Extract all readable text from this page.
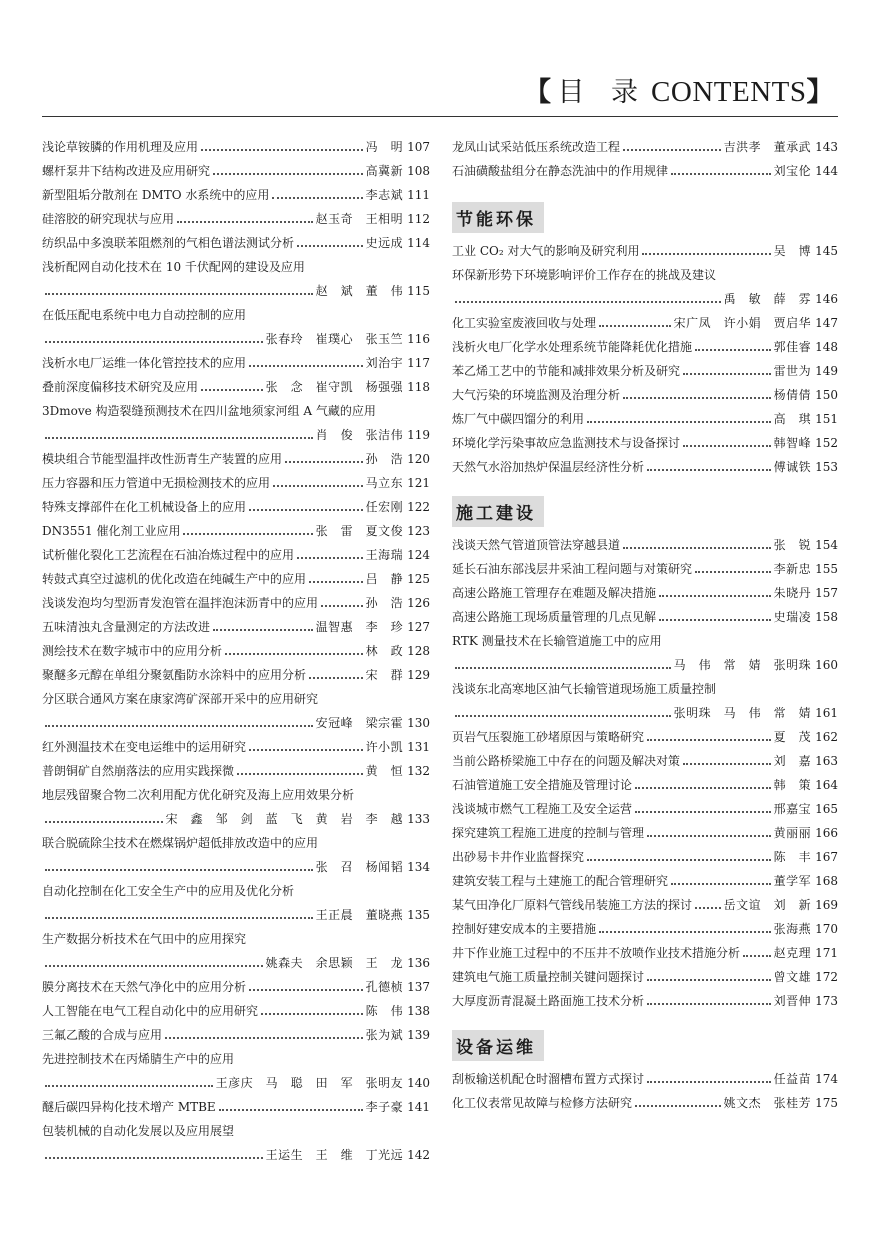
【 目 录 CONTENTS】
浅论草铵膦的作用机理及应用	冯　明 107
螺杆泵井下结构改进及应用研究	高冀新 108
新型阻垢分散剂在 DMTO 水系统中的应用	李志斌 111
硅溶胶的研究现状与应用	赵玉奇　王相明 112
纺织品中多溴联苯阻燃剂的气相色谱法测试分析	史远成 114
浅析配网自动化技术在 10 千伏配网的建设及应用
赵　斌　董　伟 115
在低压配电系统中电力自动控制的应用
张春玲　崔璞心　张玉竺 116
浅析水电厂运维一体化管控技术的应用	刘治宇 117
叠前深度偏移技术研究及应用	张　念　崔守凯　杨强强 118
3Dmove 构造裂缝预测技术在四川盆地须家河组 A 气藏的应用
肖　俊　张洁伟 119
模块组合节能型温拌改性沥青生产装置的应用	孙　浩 120
压力容器和压力管道中无损检测技术的应用	马立东 121
特殊支撑部件在化工机械设备上的应用	任宏刚 122
DN3551 催化剂工业应用	张　雷　夏文俊 123
试析催化裂化工艺流程在石油冶炼过程中的应用	王海瑞 124
转鼓式真空过滤机的优化改造在纯碱生产中的应用	吕　静 125
浅谈发泡均匀型沥青发泡管在温拌泡沫沥青中的应用	孙　浩 126
五味清浊丸含量测定的方法改进	温智惠　李　珍 127
测绘技术在数字城市中的应用分析	林　政 128
聚醚多元醇在单组分聚氨酯防水涂料中的应用分析	宋　群 129
分区联合通风方案在康家湾矿深部开采中的应用研究
安冠峰　梁宗霍 130
红外测温技术在变电运维中的运用研究	许小凯 131
普朗铜矿自然崩落法的应用实践探微	黄　恒 132
地层残留聚合物二次利用配方优化研究及海上应用效果分析
宋　鑫　邹　剑　蓝　飞　黄　岩　李　越 133
联合脱硫除尘技术在燃煤锅炉超低排放改造中的应用
张　召　杨闻韬 134
自动化控制在化工安全生产中的应用及优化分析
王正晨　董晓燕 135
生产数据分析技术在气田中的应用探究
姚森夫　余思颖　王　龙 136
膜分离技术在天然气净化中的应用分析	孔德桢 137
人工智能在电气工程自动化中的应用研究	陈　伟 138
三氟乙酸的合成与应用	张为斌 139
先进控制技术在丙烯腈生产中的应用
王彦庆　马　聪　田　军　张明友 140
醚后碳四异构化技术增产 MTBE	李子豪 141
包装机械的自动化发展以及应用展望
王运生　王　维　丁光远 142
龙凤山试采站低压系统改造工程	吉洪孝　董承武 143
石油磺酸盐组分在静态洗油中的作用规律	刘宝伦 144
节能环保
工业 CO₂ 对大气的影响及研究利用	吴　博 145
环保新形势下环境影响评价工作存在的挑战及建议
禹　敏　薛　雰 146
化工实验室废液回收与处理	宋广凤　许小娟　贾启华 147
浅析火电厂化学水处理系统节能降耗优化措施	郭佳睿 148
苯乙烯工艺中的节能和减排效果分析及研究	雷世为 149
大气污染的环境监测及治理分析	杨倩倩 150
炼厂气中碳四馏分的利用	高　琪 151
环境化学污染事故应急监测技术与设备探讨	韩智峰 152
天然气水浴加热炉保温层经济性分析	傅诚铁 153
施工建设
浅谈天然气管道顶管法穿越县道	张　锐 154
延长石油东部浅层井采油工程问题与对策研究	李新忠 155
高速公路施工管理存在难题及解决措施	朱晓丹 157
高速公路施工现场质量管理的几点见解	史瑞凌 158
RTK 测量技术在长输管道施工中的应用
马　伟　常　婧　张明珠 160
浅谈东北高寒地区油气长输管道现场施工质量控制
张明珠　马　伟　常　婧 161
页岩气压裂施工砂堵原因与策略研究	夏　茂 162
当前公路桥梁施工中存在的问题及解决对策	刘　嘉 163
石油管道施工安全措施及管理讨论	韩　策 164
浅谈城市燃气工程施工及安全运营	邢嘉宝 165
探究建筑工程施工进度的控制与管理	黄丽丽 166
出砂易卡井作业监督探究	陈　丰 167
建筑安装工程与土建施工的配合管理研究	董学军 168
某气田净化厂原料气管线吊装施工方法的探讨	岳文谊　刘　新 169
控制好建安成本的主要措施	张海燕 170
井下作业施工过程中的不压井不放喷作业技术措施分析	赵克理 171
建筑电气施工质量控制关键问题探讨	曾文雄 172
大厚度沥青混凝土路面施工技术分析	刘晋伸 173
设备运维
刮板输送机配仓时溜槽布置方式探讨	任益苗 174
化工仪表常见故障与检修方法研究	姚文杰　张桂芳 175
